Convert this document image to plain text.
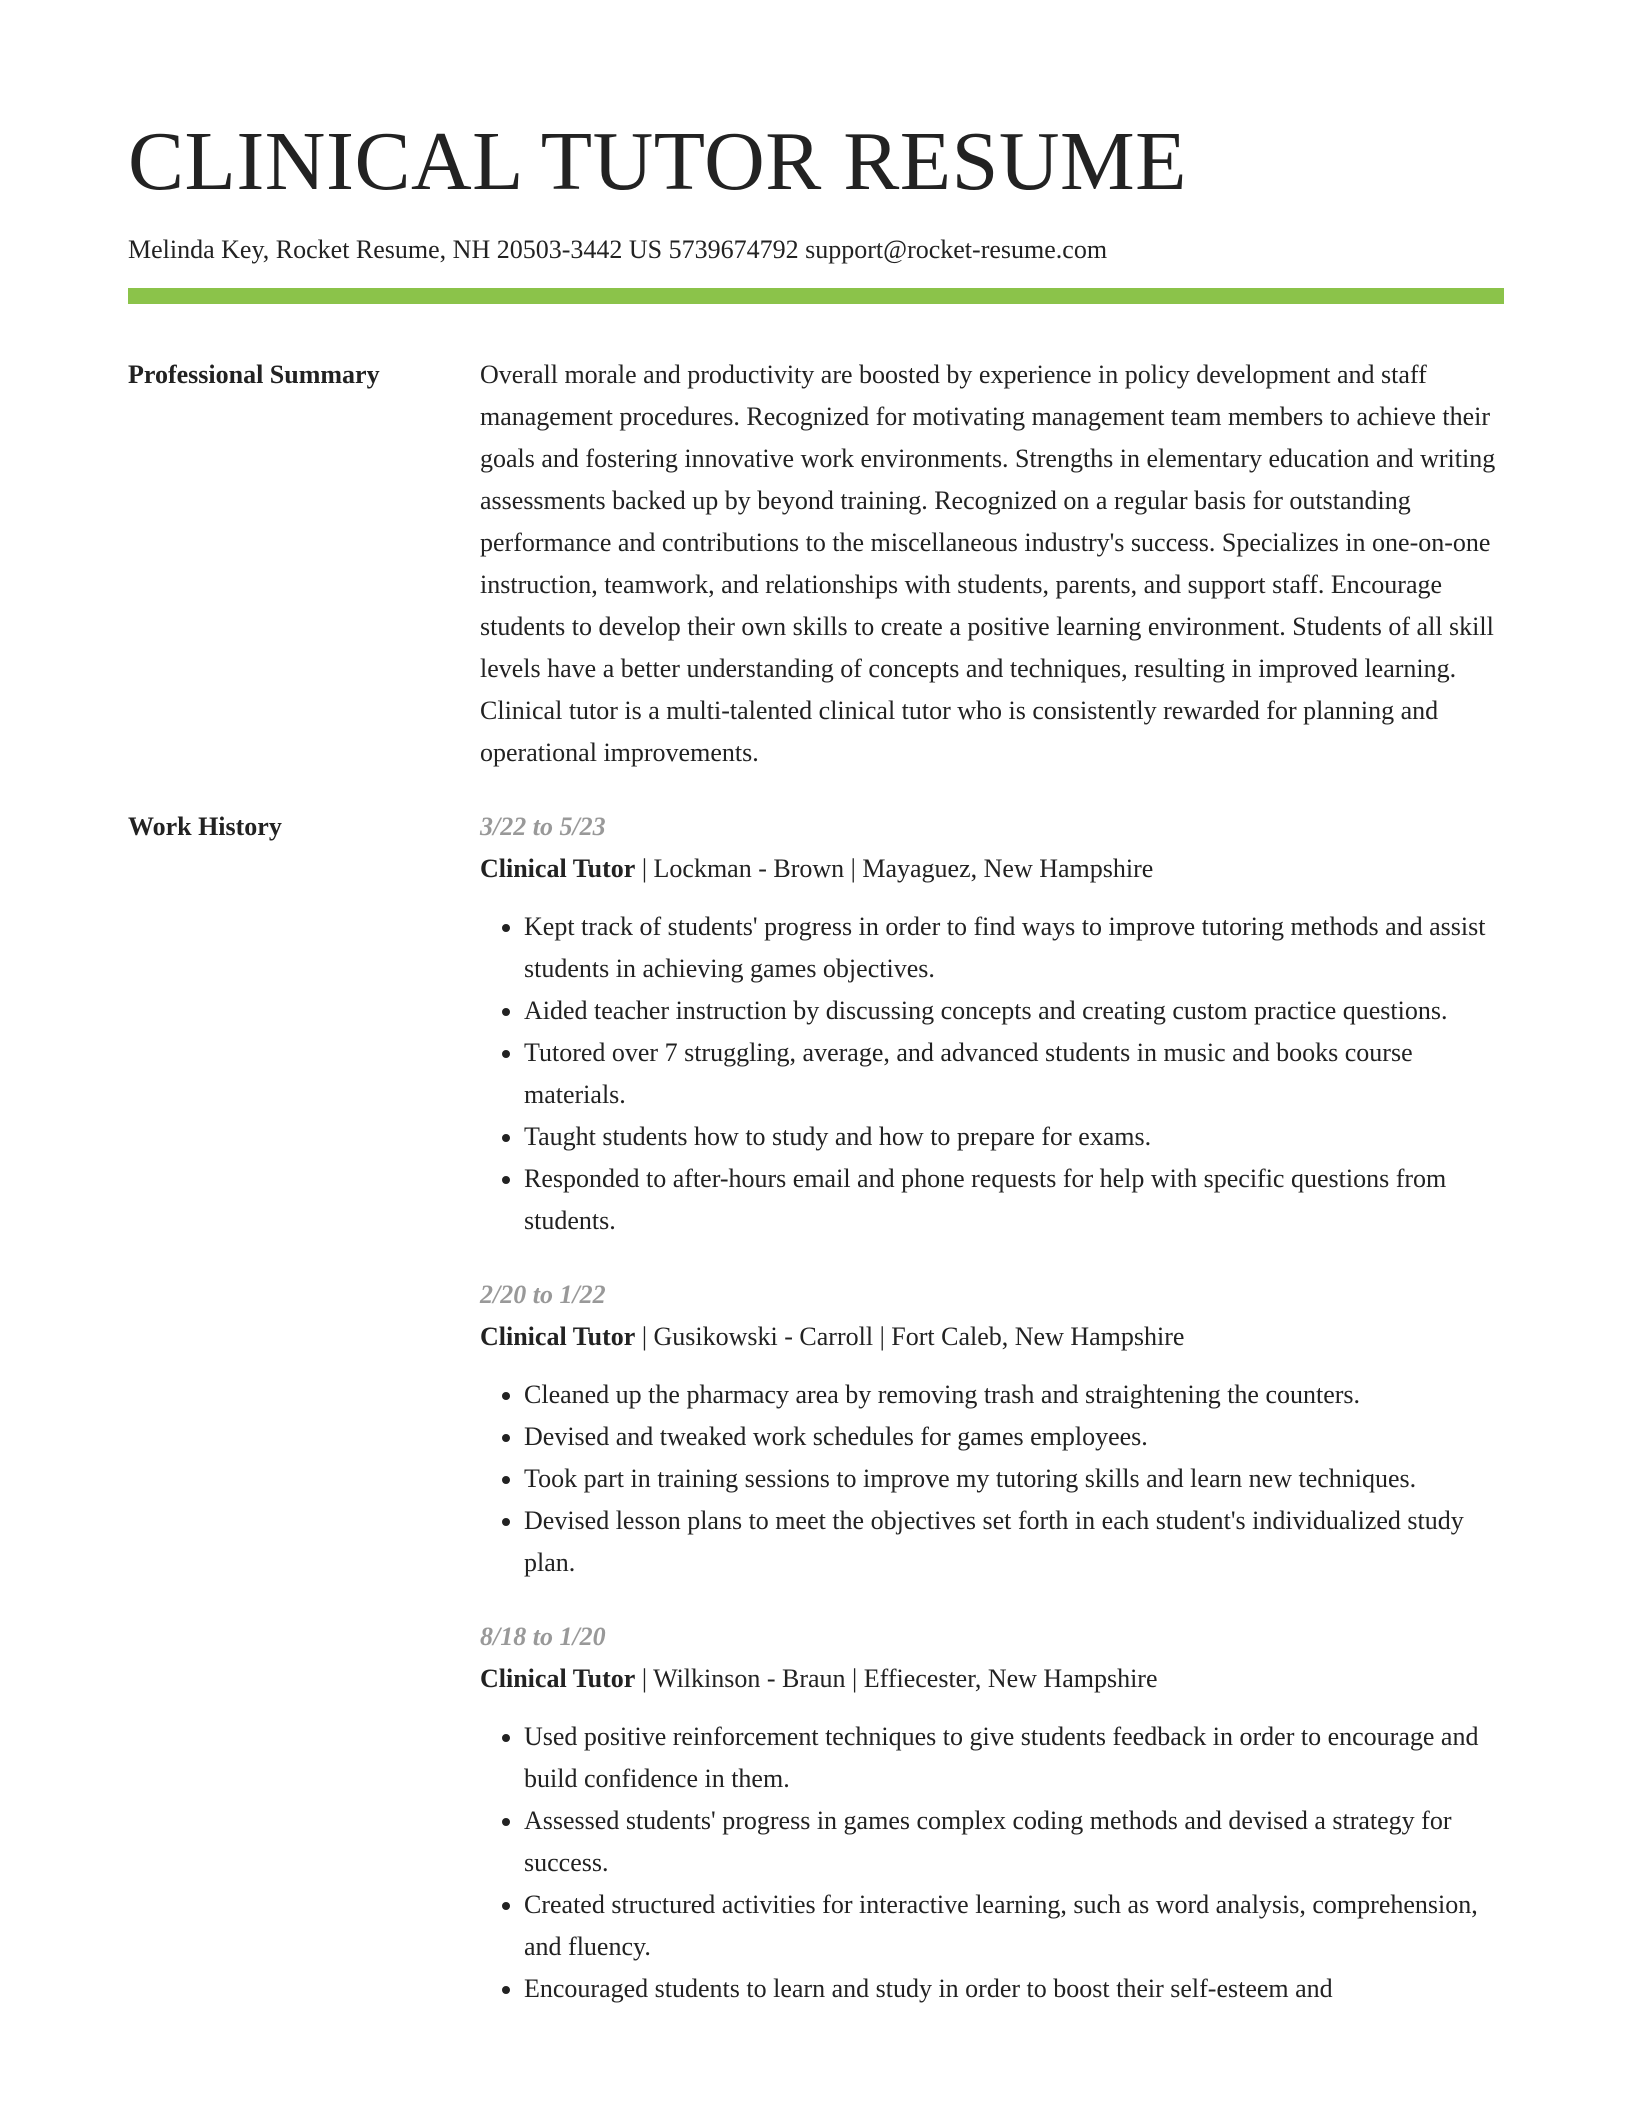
CLINICAL TUTOR RESUME
Melinda Key, Rocket Resume, NH 20503-3442 US 5739674792 support@rocket-resume.com
Professional Summary	Overall morale and productivity are boosted by experience in policy development and staff management procedures. Recognized for motivating management team members to achieve their goals and fostering innovative work environments. Strengths in elementary education and writing assessments backed up by beyond training. Recognized on a regular basis for outstanding performance and contributions to the miscellaneous industry's success. Specializes in one-on-one instruction, teamwork, and relationships with students, parents, and support staff. Encourage students to develop their own skills to create a positive learning environment. Students of all skill levels have a better understanding of concepts and techniques, resulting in improved learning. Clinical tutor is a multi-talented clinical tutor who is consistently rewarded for planning and operational improvements.
Work History	3/22 to 5/23
Clinical Tutor | Lockman - Brown | Mayaguez, New Hampshire
• Kept track of students' progress in order to find ways to improve tutoring methods and assist students in achieving games objectives.
• Aided teacher instruction by discussing concepts and creating custom practice questions.
• Tutored over 7 struggling, average, and advanced students in music and books course materials.
• Taught students how to study and how to prepare for exams.
• Responded to after-hours email and phone requests for help with specific questions from students.
2/20 to 1/22
Clinical Tutor | Gusikowski - Carroll | Fort Caleb, New Hampshire
• Cleaned up the pharmacy area by removing trash and straightening the counters.
• Devised and tweaked work schedules for games employees.
• Took part in training sessions to improve my tutoring skills and learn new techniques.
• Devised lesson plans to meet the objectives set forth in each student's individualized study plan.
8/18 to 1/20
Clinical Tutor | Wilkinson - Braun | Effiecester, New Hampshire
• Used positive reinforcement techniques to give students feedback in order to encourage and build confidence in them.
• Assessed students' progress in games complex coding methods and devised a strategy for success.
• Created structured activities for interactive learning, such as word analysis, comprehension, and fluency.
• Encouraged students to learn and study in order to boost their self-esteem and
